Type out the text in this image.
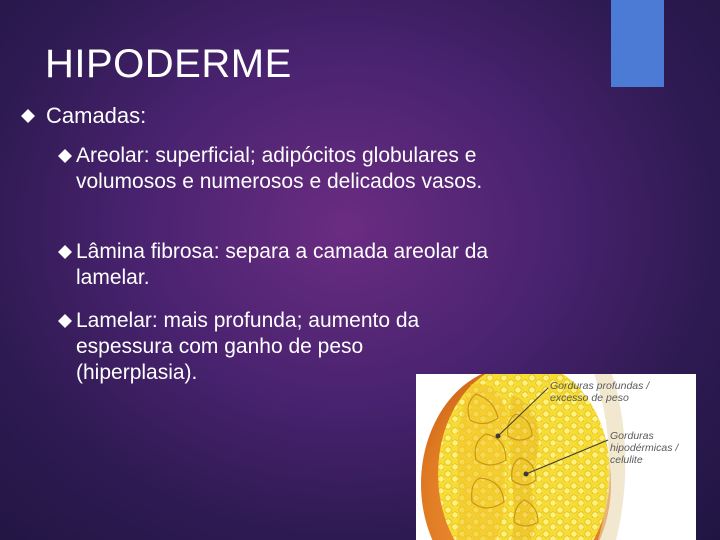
HIPODERME

Camadas:

Areolar: superficial; adipócitos globulares e volumosos e numerosos e delicados vasos.

Lâmina fibrosa: separa a camada areolar da lamelar.

Lamelar: mais profunda; aumento da espessura com ganho de peso (hiperplasia).

Gorduras profundas / excesso de peso

Gorduras hipodérmicas / celulite
